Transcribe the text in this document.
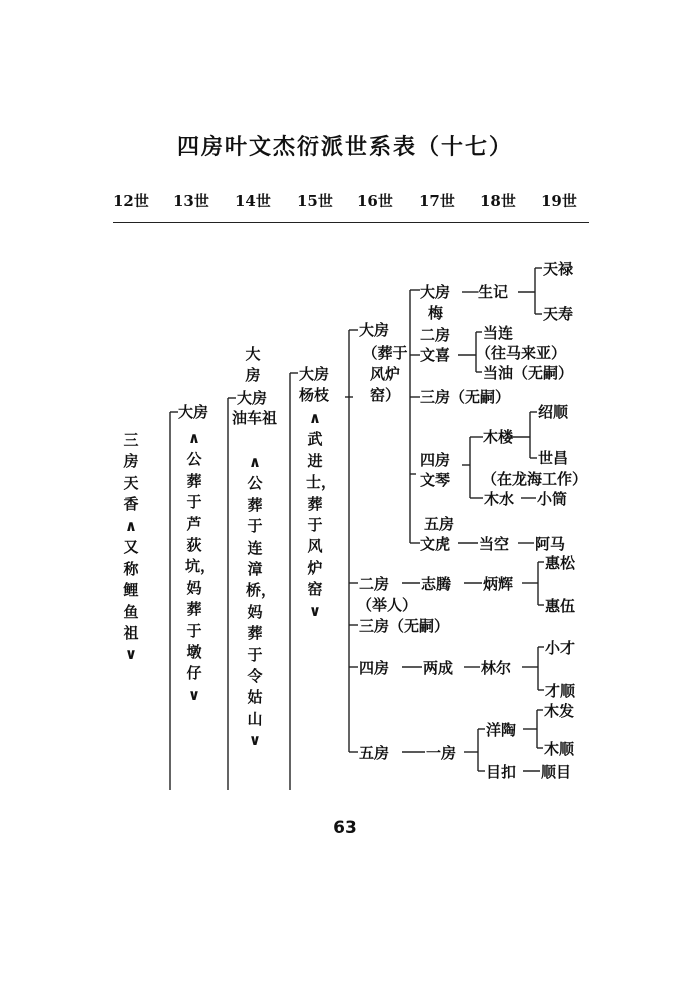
四房叶文杰衍派世系表（十七）
12世 13世 14世 15世 16世 17世 18世 19世
三房天香
∧又称鲤鱼祖∨
大房
∧公葬于芦荻坑，妈葬于墩仔∨
大房
大房
油车祖
∧公葬于连漳桥，妈葬于令姑山∨
大房
杨枝
∧武进士，葬于风炉窑∨
大房
（葬于风炉窑）
大房
梅
生记
天禄
天寿
二房
文喜
当连
（往马来亚）
当油（无嗣）
三房（无嗣）
四房
文琴
木楼
绍顺
世昌
（在龙海工作）
木水 小筒
五房
文虎 当空 阿马
二房
（举人）
志腾 炳辉
惠松
惠伍
三房（无嗣）
四房 两成 林尔
小才
才顺
五房 一房
洋陶
木发
木顺
目扣 顺目
63
